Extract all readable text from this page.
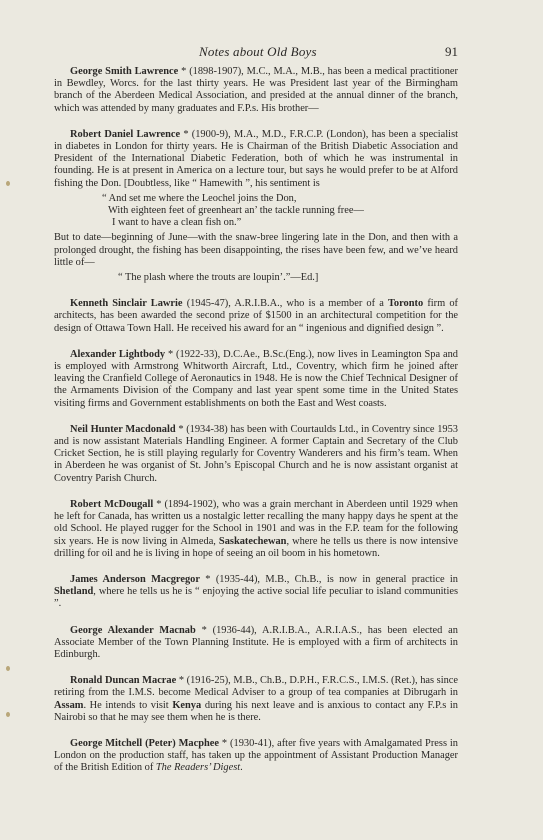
Notes about Old Boys	91

George Smith Lawrence * (1898-1907), M.C., M.A., M.B., has been a medical practitioner in Bewdley, Worcs. for the last thirty years. He was President last year of the Birmingham branch of the Aberdeen Medical Association, and presided at the annual dinner of the branch, which was attended by many graduates and F.P.s. His brother—

Robert Daniel Lawrence * (1900-9), M.A., M.D., F.R.C.P. (London), has been a specialist in diabetes in London for thirty years. He is Chairman of the British Diabetic Association and President of the International Diabetic Federation, both of which he was instrumental in founding. He is at present in America on a lecture tour, but says he would prefer to be at Alford fishing the Don. [Doubtless, like “ Hamewith ”, his sentiment is

“ And set me where the Leochel joins the Don,
With eighteen feet of greenheart an’ the tackle running free—
I want to have a clean fish on.”

But to date—beginning of June—with the snaw-bree lingering late in the Don, and then with a prolonged drought, the fishing has been disappointing, the rises have been few, and we’ve heard little of—

“ The plash where the trouts are loupin’.”—Ed.]

Kenneth Sinclair Lawrie (1945-47), A.R.I.B.A., who is a member of a Toronto firm of architects, has been awarded the second prize of $1500 in an architectural competition for the design of Ottawa Town Hall. He received his award for an “ ingenious and dignified design ”.

Alexander Lightbody * (1922-33), D.C.Ae., B.Sc.(Eng.), now lives in Leamington Spa and is employed with Armstrong Whitworth Aircraft, Ltd., Coventry, which firm he joined after leaving the Cranfield College of Aeronautics in 1948. He is now the Chief Technical Designer of the Armaments Division of the Company and last year spent some time in the United States visiting firms and Government establishments on both the East and West coasts.

Neil Hunter Macdonald * (1934-38) has been with Courtaulds Ltd., in Coventry since 1953 and is now assistant Materials Handling Engineer. A former Captain and Secretary of the Club Cricket Section, he is still playing regularly for Coventry Wanderers and his firm’s team. When in Aberdeen he was organist of St. John’s Episcopal Church and he is now assistant organist at Coventry Parish Church.

Robert McDougall * (1894-1902), who was a grain merchant in Aberdeen until 1929 when he left for Canada, has written us a nostalgic letter recalling the many happy days he spent at the old School. He played rugger for the School in 1901 and was in the F.P. team for the following six years. He is now living in Almeda, Saskatechewan, where he tells us there is now intensive drilling for oil and he is living in hope of seeing an oil boom in his hometown.

James Anderson Macgregor * (1935-44), M.B., Ch.B., is now in general practice in Shetland, where he tells us he is “ enjoying the active social life peculiar to island communities ”.

George Alexander Macnab * (1936-44), A.R.I.B.A., A.R.I.A.S., has been elected an Associate Member of the Town Planning Institute. He is employed with a firm of architects in Edinburgh.

Ronald Duncan Macrae * (1916-25), M.B., Ch.B., D.P.H., F.R.C.S., I.M.S. (Ret.), has since retiring from the I.M.S. become Medical Adviser to a group of tea companies at Dibrugarh in Assam. He intends to visit Kenya during his next leave and is anxious to contact any F.P.s in Nairobi so that he may see them when he is there.

George Mitchell (Peter) Macphee * (1930-41), after five years with Amalgamated Press in London on the production staff, has taken up the appointment of Assistant Production Manager of the British Edition of The Readers’ Digest.
